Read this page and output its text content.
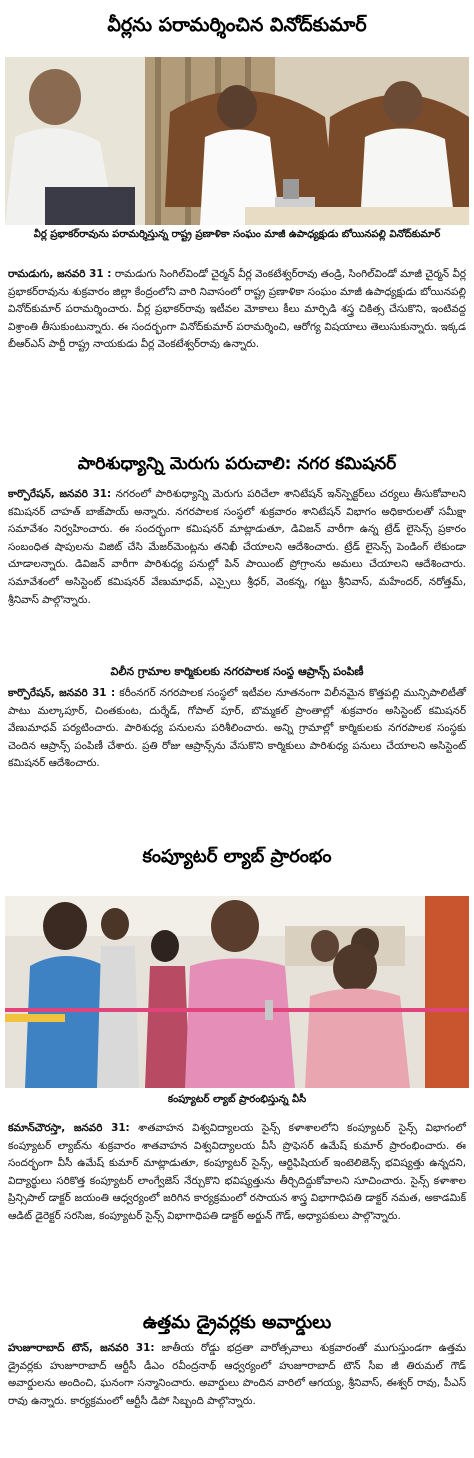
వీర్లను పరామర్శించిన వినోద్‌కుమార్
వీర్ల ప్రభాకర్‌రావును పరామర్శిస్తున్న రాష్ట్ర ప్రణాళికా సంఘం మాజీ ఉపాధ్యక్షుడు బోయినపల్లి వినోద్‌కుమార్
రామడుగు, జనవరి 31 : రామడుగు సింగిల్‌విండో చైర్మన్ వీర్ల వెంకటేశ్వర్‌రావు తండ్రి, సింగిల్‌విండో మాజీ చైర్మన్ వీర్ల ప్రభాకర్‌రావును శుక్రవారం జిల్లా కేంద్రంలోని వారి నివాసంలో రాష్ట్ర ప్రణాళికా సంఘం మాజీ ఉపాధ్యక్షుడు బోయినపల్లి వినోద్‌కుమార్ పరామర్శించారు. వీర్ల ప్రభాకర్‌రావు ఇటీవల మోకాలు కీలు మార్పిడి శస్త్ర చికిత్స చేసుకొని, ఇంటివద్ద విశ్రాంతి తీసుకుంటున్నారు. ఈ సందర్భంగా వినోద్‌కుమార్ పరామర్శించి, ఆరోగ్య విషయాలు తెలుసుకున్నారు. ఇక్కడ బీఆర్ఎస్ పార్టీ రాష్ట్ర నాయకుడు వీర్ల వెంకటేశ్వర్‌రావు ఉన్నారు.
పారిశుధ్యాన్ని మెరుగు పరుచాలి: నగర కమిషనర్
కార్పొరేషన్, జనవరి 31: నగరంలో పారిశుధ్యాన్ని మెరుగు పరిచేలా శానిటేషన్ ఇన్‌స్పెక్టర్‌లు చర్యలు తీసుకోవాలని కమిషనర్ చాహత్ బాజ్‌పాయ్ అన్నారు. నగరపాలక సంస్థలో శుక్రవారం శానిటేషన్ విభాగం అధికారులతో సమీక్షా సమావేశం నిర్వహించారు. ఈ సందర్భంగా కమిషనర్ మాట్లాడుతూ, డివిజన్ వారీగా ఉన్న ట్రేడ్ లైసెన్స్ ప్రకారం సంబంధిత షాపులను విజిట్ చేసి మేజర్‌మెంట్లను తనిఖీ చేయాలని ఆదేశించారు. ట్రేడ్ లైసెన్స్ పెండింగ్ లేకుండా చూడాలన్నారు. డివిజన్ వారీగా పారిశుధ్య పనుల్లో పిన్ పాయింట్ ప్రోగ్రాంను అమలు చేయాలని ఆదేశించారు. సమావేశంలో అసిస్టెంట్ కమిషనర్ వేణుమాధవ్, ఎస్సైలు శ్రీధర్, వెంకన్న, గట్టు శ్రీనివాస్, మహేందర్, నరోత్తమ్, శ్రీనివాస్ పాల్గొన్నారు.
విలీన గ్రామాల కార్మికులకు నగరపాలక సంస్థ ఆప్రాన్స్ పంపిణీ
కార్పొరేషన్, జనవరి 31 : కరీంనగర్ నగరపాలక సంస్థలో ఇటీవల నూతనంగా విలీనమైన కొత్తపల్లి మున్సిపాలిటీతో పాటు మల్కాపూర్, చింతకుంట, దుర్శేడ్, గోపాల్ పూర్, బొమ్మకల్ ప్రాంతాల్లో శుక్రవారం అసిస్టెంట్ కమిషనర్ వేణుమాధవ్ పర్యటించారు. పారిశుధ్య పనులను పరిశీలించారు. అన్ని గ్రామాల్లో కార్మికులకు నగరపాలక సంస్థకు చెందిన ఆప్రాన్స్ పంపిణీ చేశారు. ప్రతి రోజు ఆప్రాన్స్‌ను వేసుకొని కార్మికులు పారిశుధ్య పనులు చేయాలని అసిస్టెంట్ కమిషనర్ ఆదేశించారు.
కంప్యూటర్ ల్యాబ్ ప్రారంభం
కంప్యూటర్ ల్యాబ్ ప్రారంభిస్తున్న వీసీ
కమాన్‌చౌరస్తా, జనవరి 31: శాతవాహన విశ్వవిద్యాలయ సైన్స్ కళాశాలలోని కంప్యూటర్ సైన్స్ విభాగంలో కంప్యూటర్ ల్యాబ్‌ను శుక్రవారం శాతవాహన విశ్వవిద్యాలయ వీసీ ప్రొఫెసర్ ఉమేష్ కుమార్ ప్రారంభించారు. ఈ సందర్భంగా వీసీ ఉమేష్ కుమార్ మాట్లాడుతూ, కంప్యూటర్ సైన్స్, ఆర్టిఫిషియల్ ఇంటెలిజెన్స్ భవిష్యత్తు ఉన్నదని, విద్యార్థులు సరికొత్త కంప్యూటర్ లాంగ్వేజెస్ నేర్చుకొని భవిష్యత్తును తీర్చిదిద్దుకోవాలని సూచించారు. సైన్స్ కళాశాల ప్రిన్సిపాల్ డాక్టర్ జయంతి ఆధ్వర్యంలో జరిగిన కార్యక్రమంలో రసాయన శాస్త్ర విభాగాధిపతి డాక్టర్ నమత, అకాడమిక్ ఆడిట్ డైరెక్టర్ సరసిజ, కంప్యూటర్ సైన్స్ విభాగాధిపతి డాక్టర్ అర్జున్ గౌడ్, అధ్యాపకులు పాల్గొన్నారు.
ఉత్తమ డ్రైవర్లకు అవార్డులు
హుజూరాబాద్ టౌన్, జనవరి 31: జాతీయ రోడ్డు భద్రతా వారోత్సవాలు శుక్రవారంతో ముగుస్తుండగా ఉత్తమ డ్రైవర్లకు హుజూరాబాద్ ఆర్టీసీ డీఎం రవీంద్రనాథ్ ఆధ్వర్యంలో హుజూరాబాద్ టౌన్ సీఐ జీ తిరుమల్ గౌడ్ అవార్డులను అందించి, ఘనంగా సన్మానించారు. అవార్డులు పొందిన వారిలో ఆగయ్య, శ్రీనివాస్, ఈశ్వర్ రావు, పీఎస్ రావు ఉన్నారు. కార్యక్రమంలో ఆర్టీసీ డిపో సిబ్బంది పాల్గొన్నారు.
